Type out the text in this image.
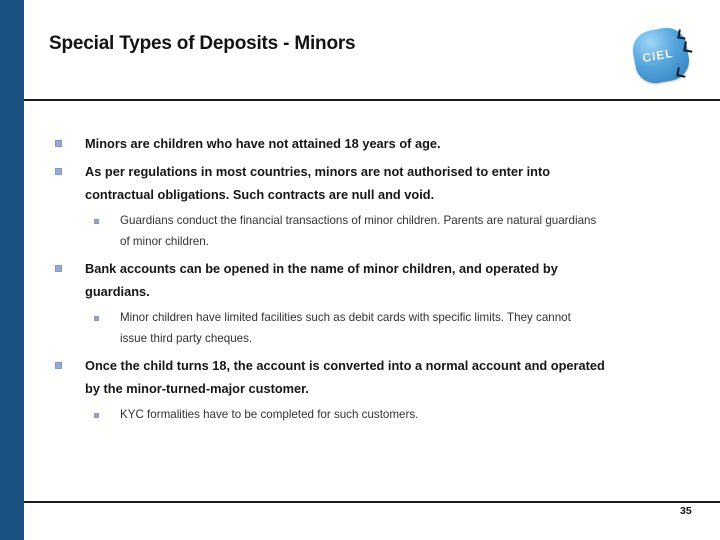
Special Types of Deposits - Minors
CIEL
Minors are children who have not attained 18 years of age.
As per regulations in most countries, minors are not authorised to enter into
contractual obligations. Such contracts are null and void.
Guardians conduct the financial transactions of minor children. Parents are natural guardians
of minor children.
Bank accounts can be opened in the name of minor children, and operated by
guardians.
Minor children have limited facilities such as debit cards with specific limits. They cannot
issue third party cheques.
Once the child turns 18, the account is converted into a normal account and operated
by the minor-turned-major customer.
KYC formalities have to be completed for such customers.
35
